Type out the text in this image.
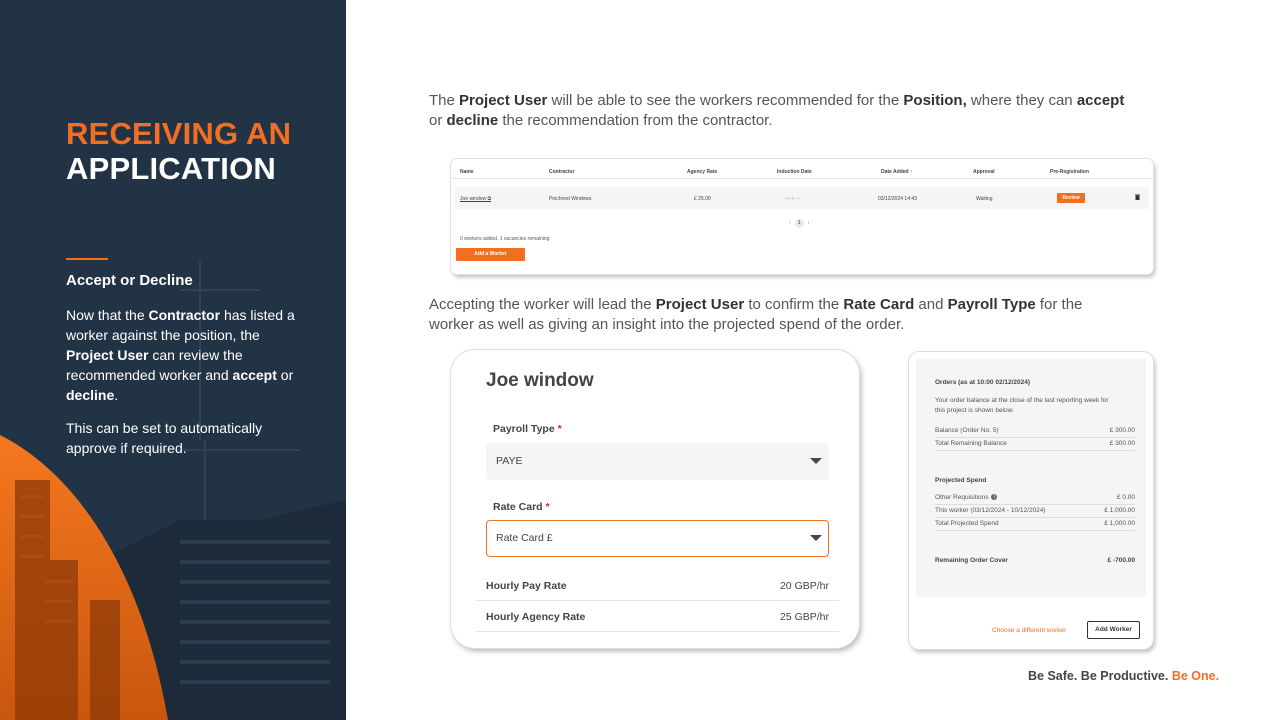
RECEIVING AN
APPLICATION
Accept or Decline
Now that the Contractor has listed a worker against the position, the Project User can review the recommended worker and accept or decline.
This can be set to automatically approve if required.
The Project User will be able to see the workers recommended for the Position, where they can accept or decline the recommendation from the contractor.
Name	Contractor	Agency Rate	Induction Date	Date Added ↑	Approval	Pre-Registration
Joe window ⧉	Pinchrest Windows	£ 25.00	--/--/----	03/12/2024 14:43	Waiting	Review
‹ 1 ›
0 workers added. 1 vacancies remaining
Add a Worker
Accepting the worker will lead the Project User to confirm the Rate Card and Payroll Type for the worker as well as giving an insight into the projected spend of the order.
Joe window
Payroll Type *
PAYE
Rate Card *
Rate Card £
Hourly Pay Rate	20 GBP/hr
Hourly Agency Rate	25 GBP/hr
Orders (as at 10:00 02/12/2024)
Your order balance at the close of the last reporting week for
this project is shown below.
Balance (Order No. 5)	£ 300.00
Total Remaining Balance	£ 300.00
Projected Spend
Other Requisitions i	£ 0.00
This worker (03/12/2024 - 10/12/2024)	£ 1,000.00
Total Projected Spend	£ 1,000.00
Remaining Order Cover	£ -700.00
Choose a different worker	Add Worker
Be Safe. Be Productive. Be One.
